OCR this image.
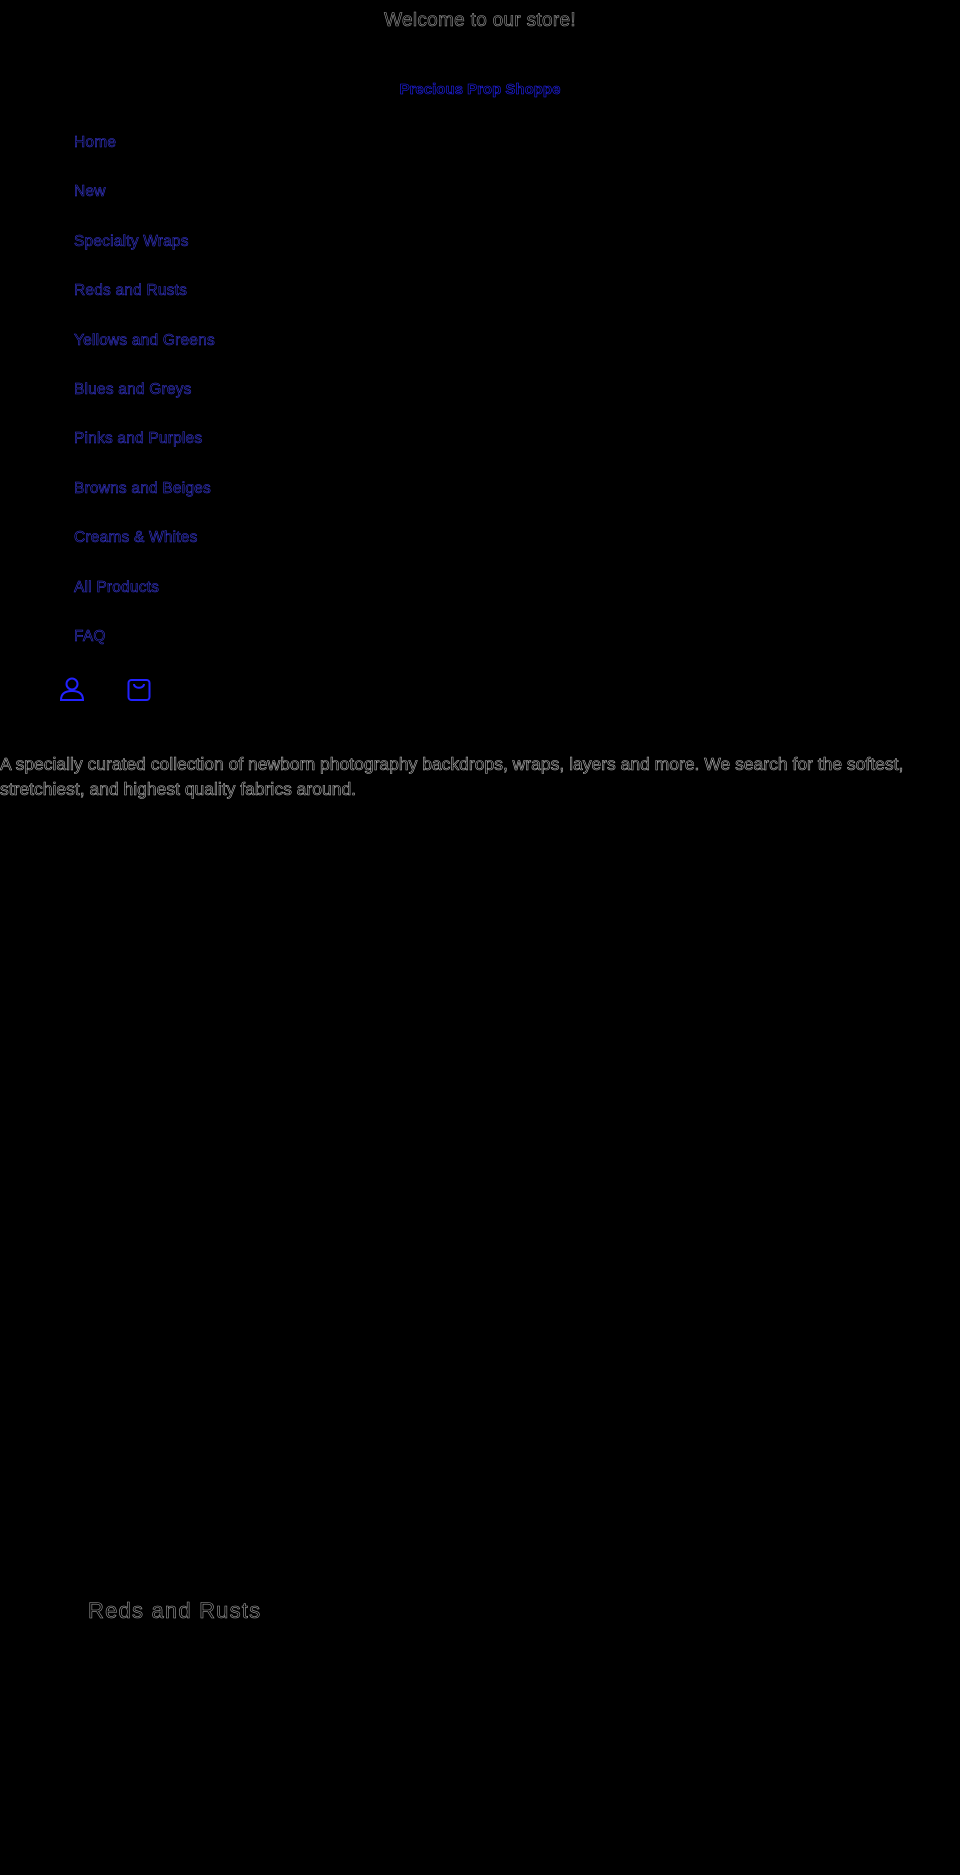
Welcome to our store!
Precious Prop Shoppe
Home
New
Specialty Wraps
Reds and Rusts
Yellows and Greens
Blues and Greys
Pinks and Purples
Browns and Beiges
Creams & Whites
All Products
FAQ

A specially curated collection of newborn photography backdrops, wraps, layers and more. We search for the softest, stretchiest, and highest quality fabrics around.

Reds and Rusts
